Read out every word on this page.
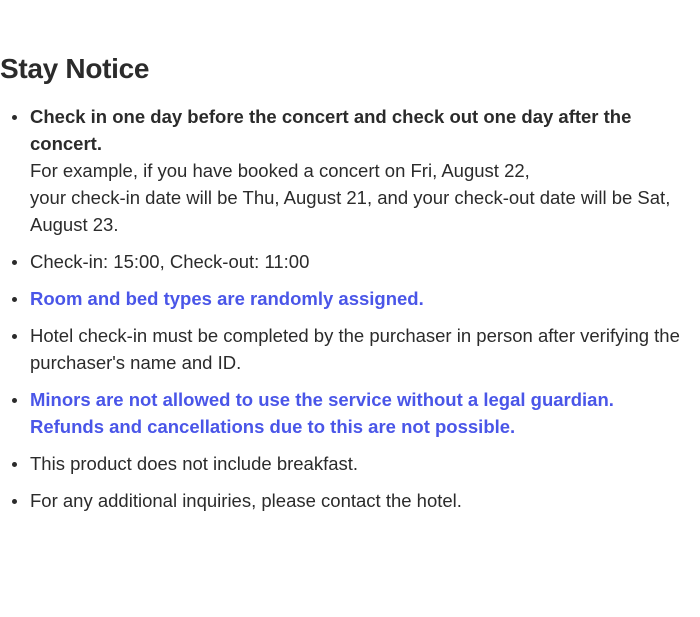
Stay Notice
Check in one day before the concert and check out one day after the concert.
For example, if you have booked a concert on Fri, August 22,
your check-in date will be Thu, August 21, and your check-out date will be Sat, August 23.
Check-in: 15:00, Check-out: 11:00
Room and bed types are randomly assigned.
Hotel check-in must be completed by the purchaser in person after verifying the purchaser's name and ID.
Minors are not allowed to use the service without a legal guardian.
Refunds and cancellations due to this are not possible.
This product does not include breakfast.
For any additional inquiries, please contact the hotel.
